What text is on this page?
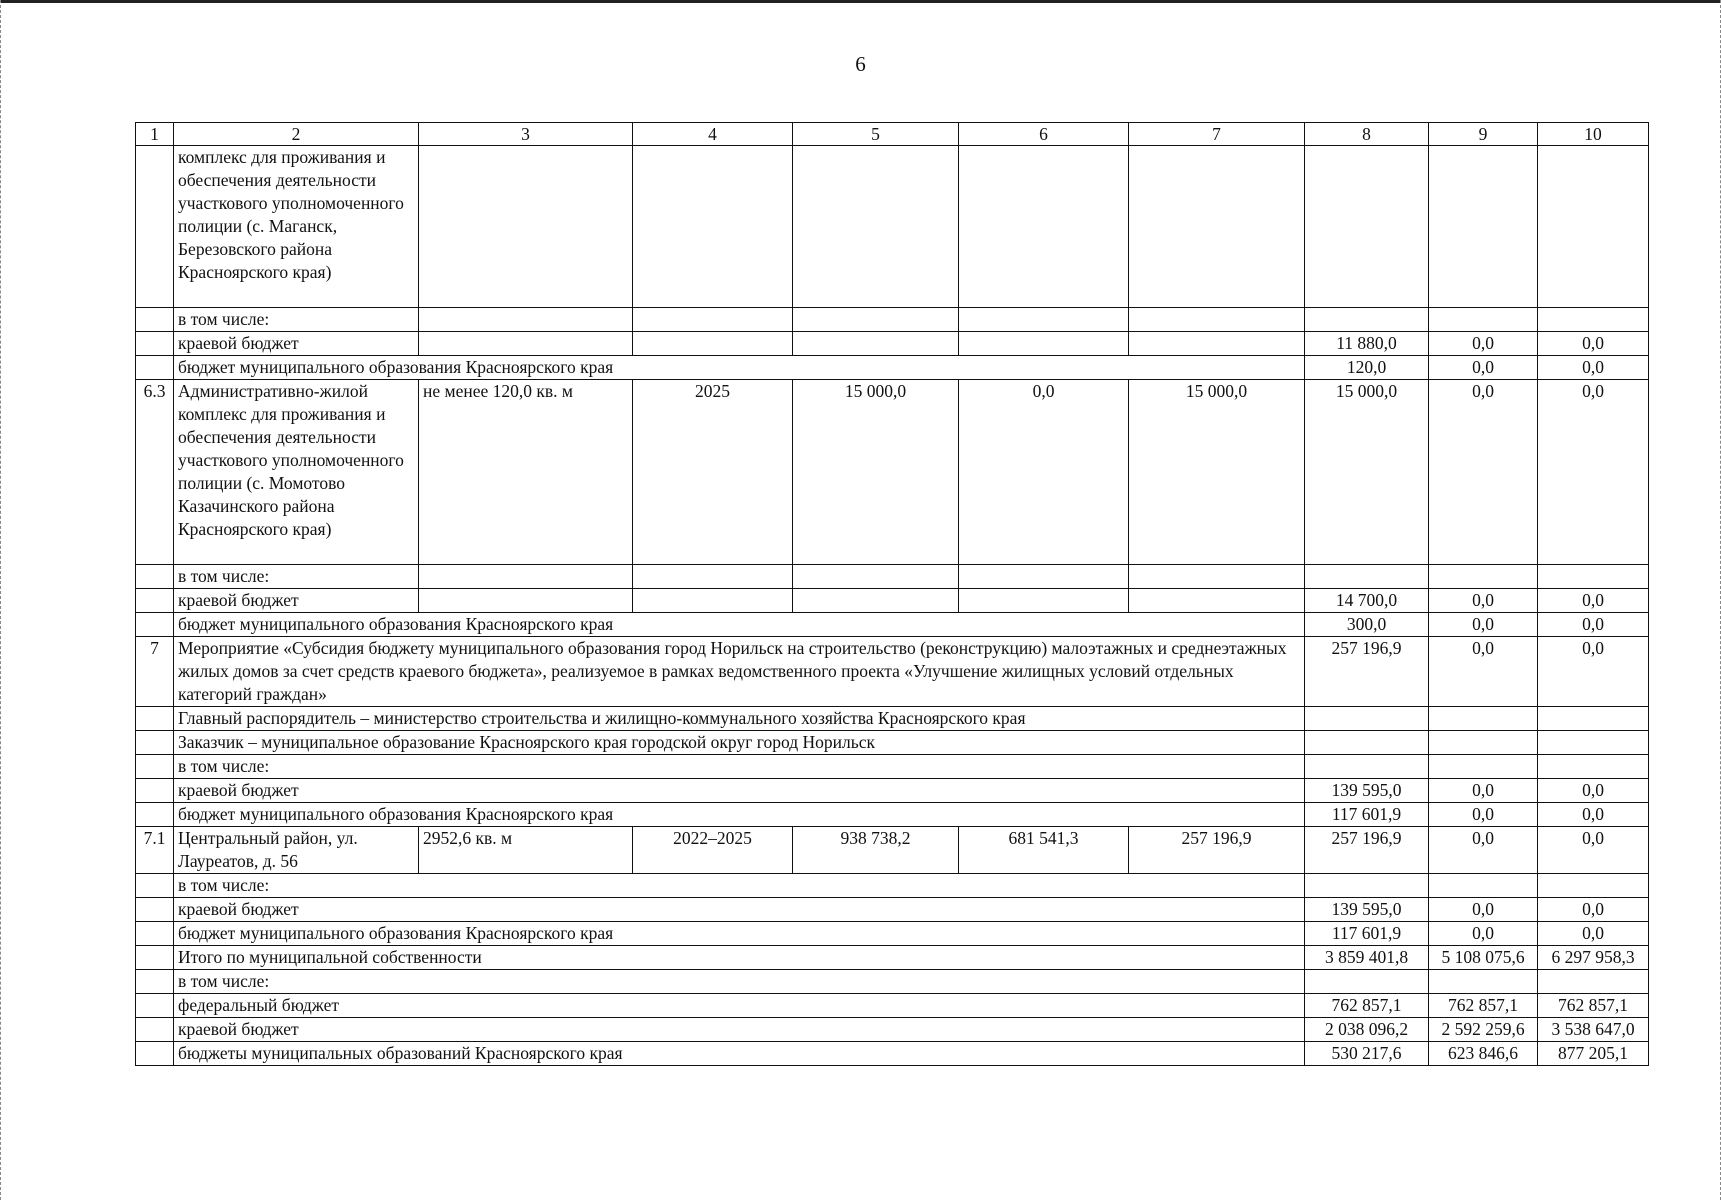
6
1	2	3	4	5	6	7	8	9	10
	комплекс для проживания и обеспечения деятельности участкового уполномоченного полиции (с. Маганск, Березовского района Красноярского края)								
	в том числе:								
	краевой бюджет						11 880,0	0,0	0,0
	бюджет муниципального образования Красноярского края						120,0	0,0	0,0
6.3	Административно-жилой комплекс для проживания и обеспечения деятельности участкового уполномоченного полиции (с. Момотово Казачинского района Красноярского края)	не менее 120,0 кв. м	2025	15 000,0	0,0	15 000,0	15 000,0	0,0	0,0
	в том числе:								
	краевой бюджет						14 700,0	0,0	0,0
	бюджет муниципального образования Красноярского края						300,0	0,0	0,0
7	Мероприятие «Субсидия бюджету муниципального образования город Норильск на строительство (реконструкцию) малоэтажных и среднеэтажных жилых домов за счет средств краевого бюджета», реализуемое в рамках ведомственного проекта «Улучшение жилищных условий отдельных категорий граждан»						257 196,9	0,0	0,0
	Главный распорядитель – министерство строительства и жилищно-коммунального хозяйства Красноярского края								
	Заказчик – муниципальное образование Красноярского края городской округ город Норильск								
	в том числе:								
	краевой бюджет						139 595,0	0,0	0,0
	бюджет муниципального образования Красноярского края						117 601,9	0,0	0,0
7.1	Центральный район, ул. Лауреатов, д. 56	2952,6 кв. м	2022–2025	938 738,2	681 541,3	257 196,9	257 196,9	0,0	0,0
	в том числе:								
	краевой бюджет						139 595,0	0,0	0,0
	бюджет муниципального образования Красноярского края						117 601,9	0,0	0,0
	Итого по муниципальной собственности						3 859 401,8	5 108 075,6	6 297 958,3
	в том числе:								
	федеральный бюджет						762 857,1	762 857,1	762 857,1
	краевой бюджет						2 038 096,2	2 592 259,6	3 538 647,0
	бюджеты муниципальных образований Красноярского края						530 217,6	623 846,6	877 205,1
